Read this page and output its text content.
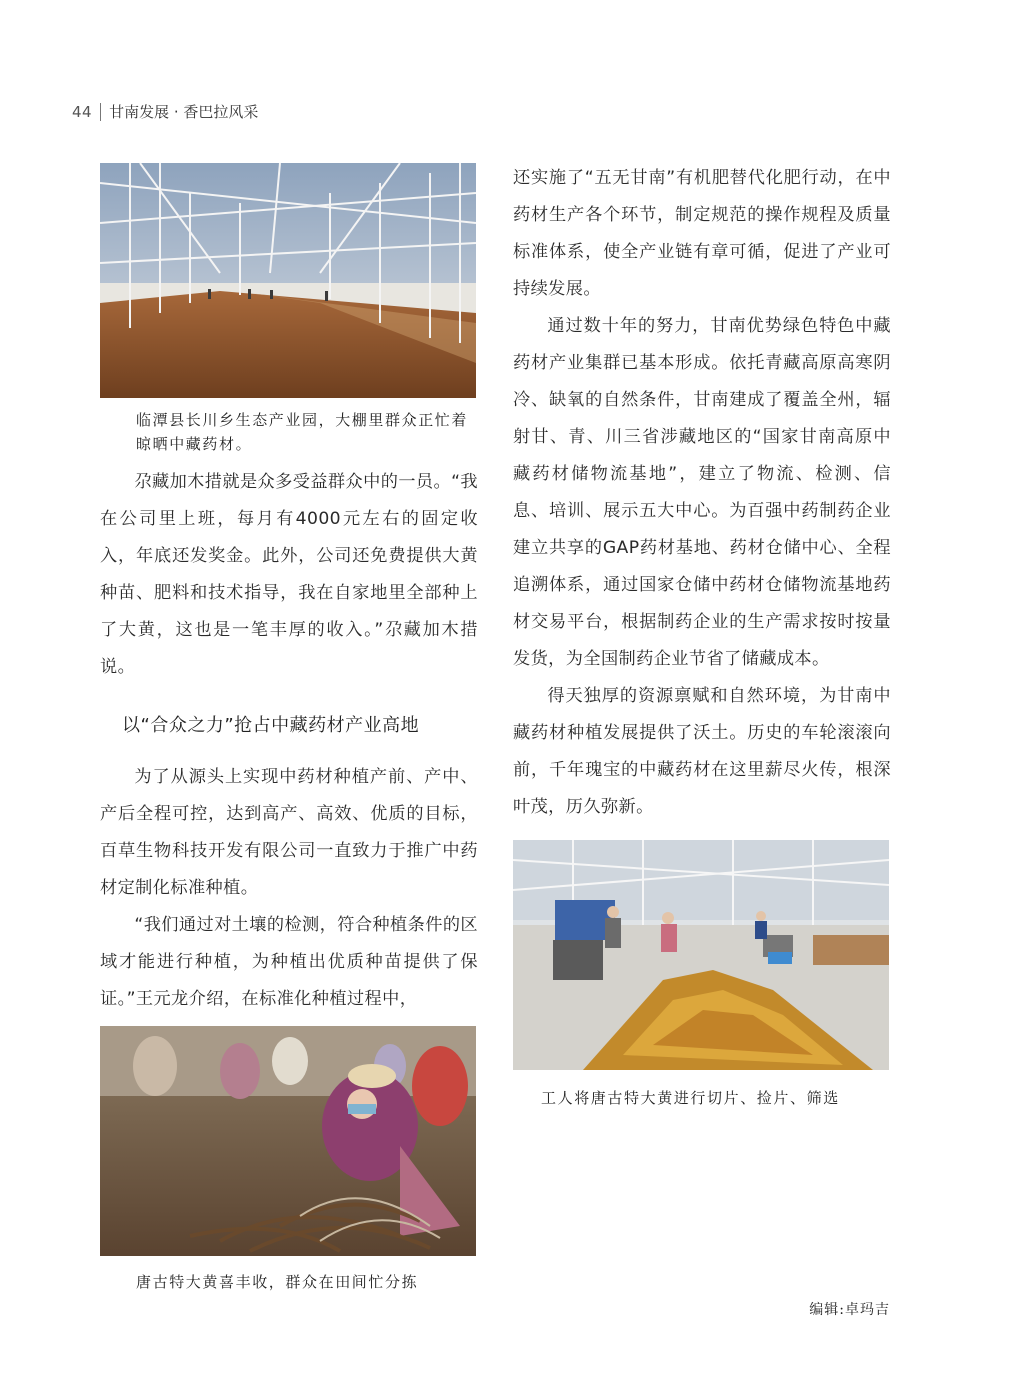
44 甘南发展 · 香巴拉风采
临潭县长川乡生态产业园，大棚里群众正忙着晾晒中藏药材。

尕藏加木措就是众多受益群众中的一员。“我在公司里上班，每月有4000元左右的固定收入，年底还发奖金。此外，公司还免费提供大黄种苗、肥料和技术指导，我在自家地里全部种上了大黄，这也是一笔丰厚的收入。”尕藏加木措说。

以“合众之力”抢占中藏药材产业高地

为了从源头上实现中药材种植产前、产中、产后全程可控，达到高产、高效、优质的目标，百草生物科技开发有限公司一直致力于推广中药材定制化标准种植。

“我们通过对土壤的检测，符合种植条件的区域才能进行种植，为种植出优质种苗提供了保证。”王元龙介绍，在标准化种植过程中，

唐古特大黄喜丰收，群众在田间忙分拣

还实施了“五无甘南”有机肥替代化肥行动，在中药材生产各个环节，制定规范的操作规程及质量标准体系，使全产业链有章可循，促进了产业可持续发展。

通过数十年的努力，甘南优势绿色特色中藏药材产业集群已基本形成。依托青藏高原高寒阴冷、缺氧的自然条件，甘南建成了覆盖全州，辐射甘、青、川三省涉藏地区的“国家甘南高原中藏药材储物流基地”，建立了物流、检测、信息、培训、展示五大中心。为百强中药制药企业建立共享的GAP药材基地、药材仓储中心、全程追溯体系，通过国家仓储中药材仓储物流基地药材交易平台，根据制药企业的生产需求按时按量发货，为全国制药企业节省了储藏成本。

得天独厚的资源禀赋和自然环境，为甘南中藏药材种植发展提供了沃土。历史的车轮滚滚向前，千年瑰宝的中藏药材在这里薪尽火传，根深叶茂，历久弥新。

工人将唐古特大黄进行切片、捡片、筛选
编辑:卓玛吉
